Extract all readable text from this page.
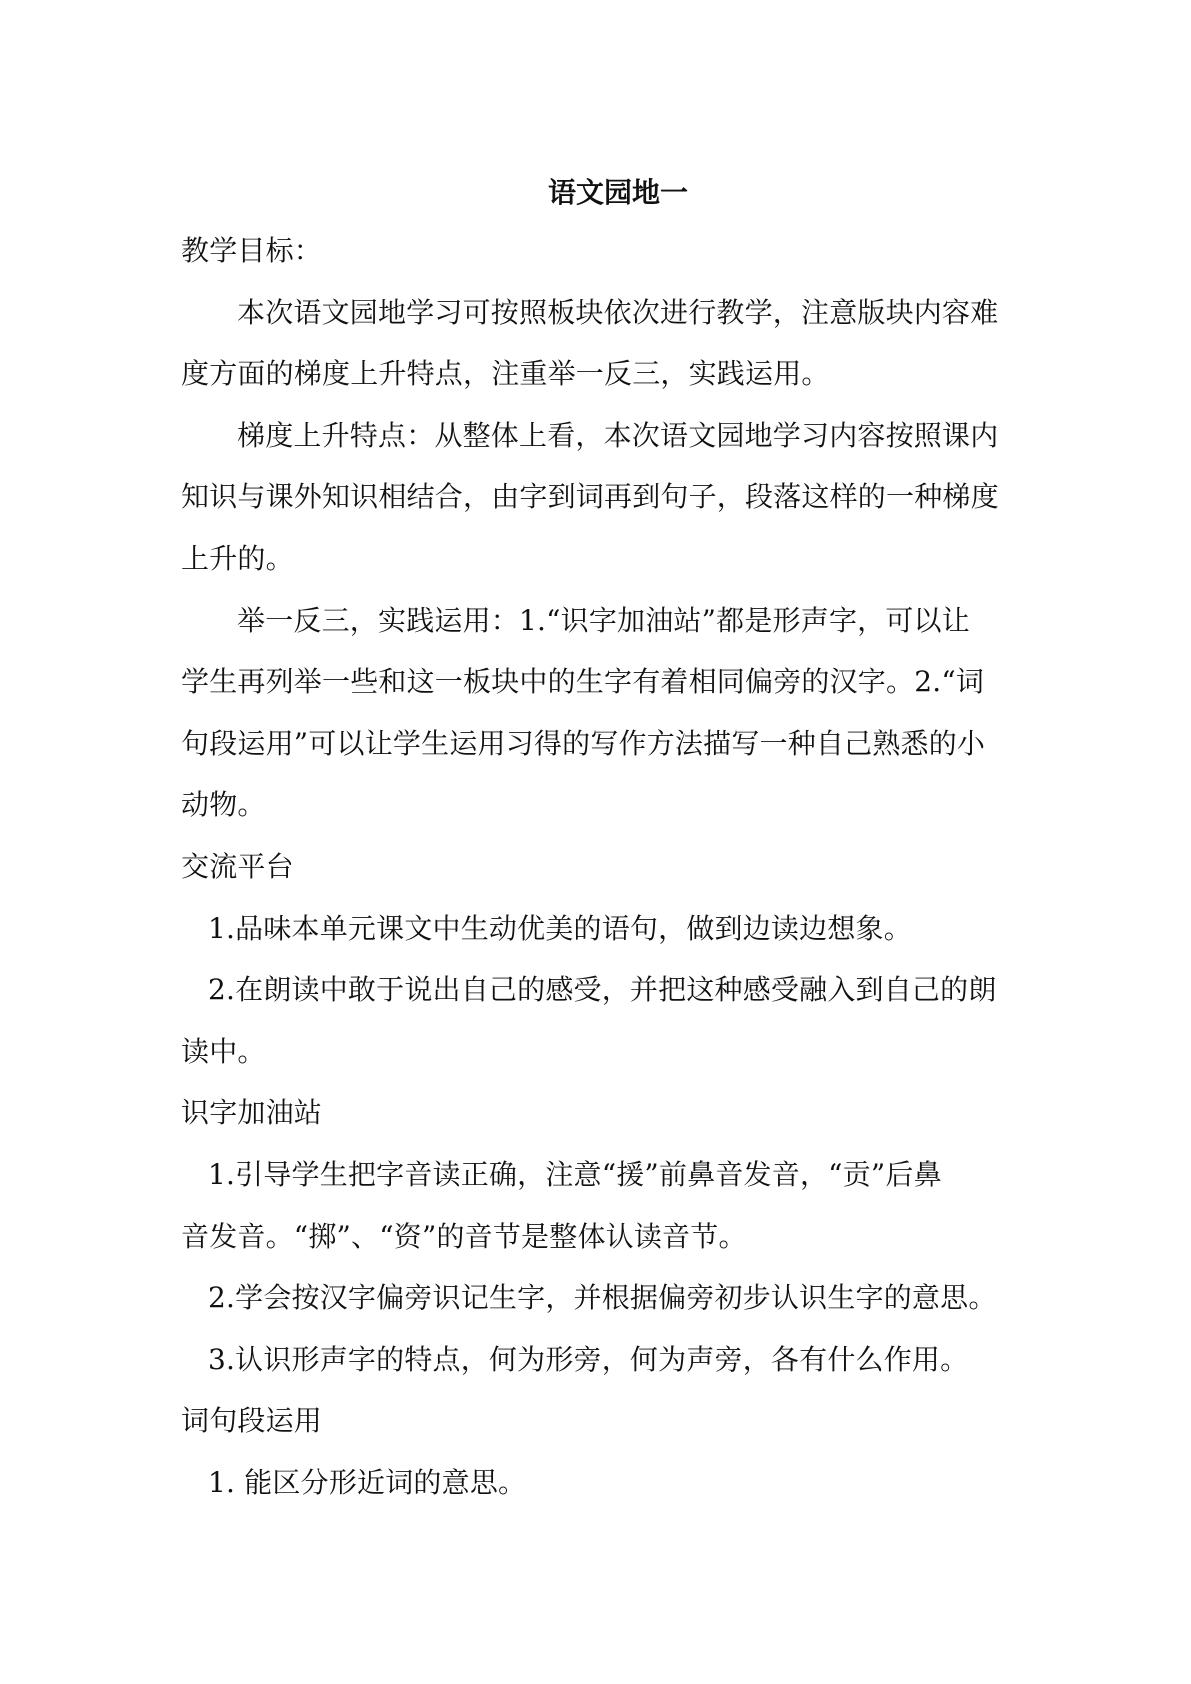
语文园地一

教学目标：

本次语文园地学习可按照板块依次进行教学，注意版块内容难

度方面的梯度上升特点，注重举一反三，实践运用。

梯度上升特点：从整体上看，本次语文园地学习内容按照课内

知识与课外知识相结合，由字到词再到句子，段落这样的一种梯度

上升的。

举一反三，实践运用：1.“识字加油站”都是形声字，可以让

学生再列举一些和这一板块中的生字有着相同偏旁的汉字。2.“词

句段运用”可以让学生运用习得的写作方法描写一种自己熟悉的小

动物。

交流平台

1.品味本单元课文中生动优美的语句，做到边读边想象。

2.在朗读中敢于说出自己的感受，并把这种感受融入到自己的朗

读中。

识字加油站

1.引导学生把字音读正确，注意“援”前鼻音发音，“贡”后鼻

音发音。“掷”、“资”的音节是整体认读音节。

2.学会按汉字偏旁识记生字，并根据偏旁初步认识生字的意思。

3.认识形声字的特点，何为形旁，何为声旁，各有什么作用。

词句段运用

1. 能区分形近词的意思。
